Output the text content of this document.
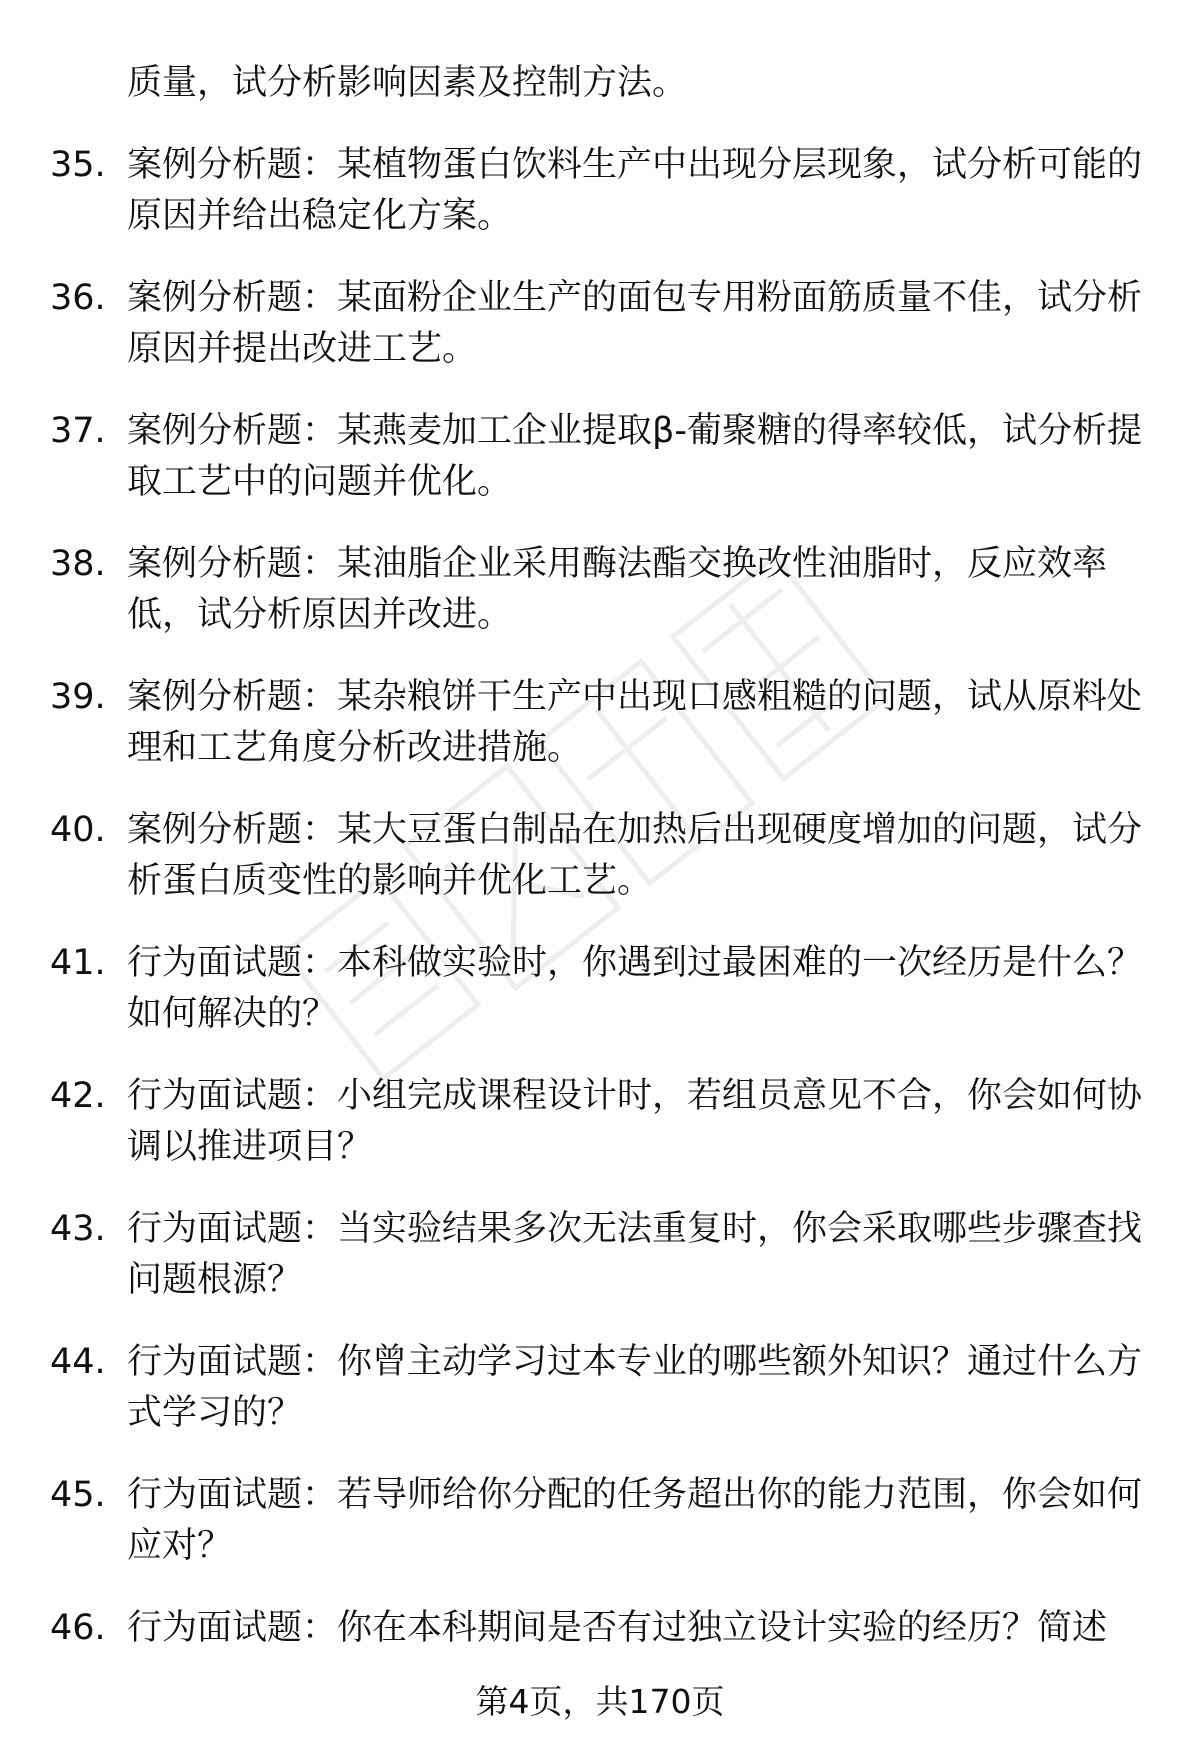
质量，试分析影响因素及控制方法。
35. 案例分析题：某植物蛋白饮料生产中出现分层现象，试分析可能的原因并给出稳定化方案。
36. 案例分析题：某面粉企业生产的面包专用粉面筋质量不佳，试分析原因并提出改进工艺。
37. 案例分析题：某燕麦加工企业提取β-葡聚糖的得率较低，试分析提取工艺中的问题并优化。
38. 案例分析题：某油脂企业采用酶法酯交换改性油脂时，反应效率低，试分析原因并改进。
39. 案例分析题：某杂粮饼干生产中出现口感粗糙的问题，试从原料处理和工艺角度分析改进措施。
40. 案例分析题：某大豆蛋白制品在加热后出现硬度增加的问题，试分析蛋白质变性的影响并优化工艺。
41. 行为面试题：本科做实验时，你遇到过最困难的一次经历是什么？如何解决的？
42. 行为面试题：小组完成课程设计时，若组员意见不合，你会如何协调以推进项目？
43. 行为面试题：当实验结果多次无法重复时，你会采取哪些步骤查找问题根源？
44. 行为面试题：你曾主动学习过本专业的哪些额外知识？通过什么方式学习的？
45. 行为面试题：若导师给你分配的任务超出你的能力范围，你会如何应对？
46. 行为面试题：你在本科期间是否有过独立设计实验的经历？简述
第4页，共170页
